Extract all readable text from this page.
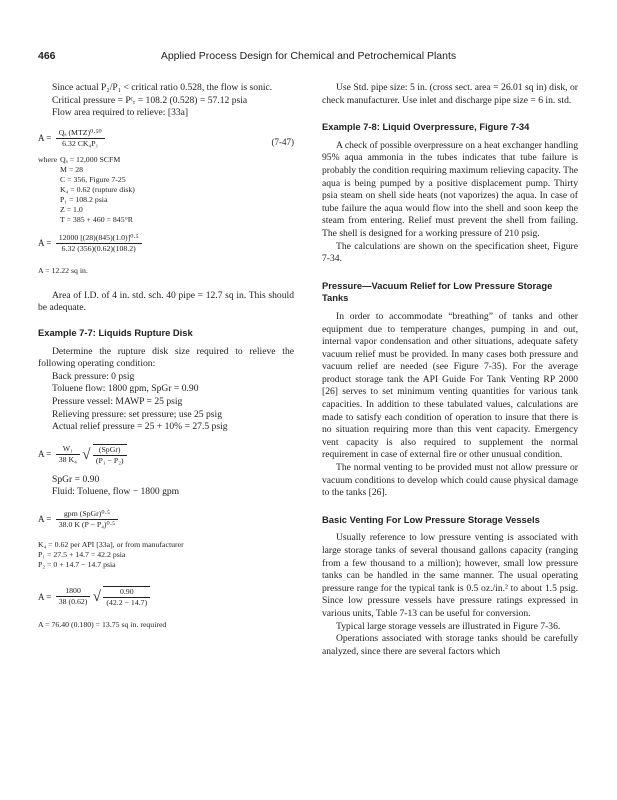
466	Applied Process Design for Chemical and Petrochemical Plants

Since actual P₂/P₁ < critical ratio 0.528, the flow is sonic.

Critical pressure = Pᶜᵣ = 108.2 (0.528) = 57.12 psia

Flow area required to relieve: [33a]

$A = \frac{\text{Qₐ (MTZ)⁰·⁵⁰}}{\text{6.32 CK₄P₁}}$	(7-47)
where Qₐ = 12,000 SCFM
M = 28
C = 356, Figure 7-25
K₄ = 0.62 (rupture disk)
P₁ = 108.2 psia
Z = 1.0
T = 385 + 460 = 845°R
$A = \frac{\text{12000 [(28)(845)(1.0)]⁰·⁵}}{6.32 (356)(0.62)(108.2)}$

A = 12.22 sq in.

Area of I.D. of 4 in. std. sch. 40 pipe = 12.7 sq in. This should be adequate.

Example 7-7: Liquids Rupture Disk

Determine the rupture disk size required to relieve the following operating condition:

Back pressure: 0 psig

Toluene flow: 1800 gpm, SpGr = 0.90

Pressure vessel: MAWP = 25 psig

Relieving pressure: set pressure; use 25 psig

Actual relief pressure = 25 + 10% = 27.5 psig

$A = \frac{\text{W₁}}{\text{38 K₄}}$ √ $\frac{\text{(SpGr)}}{\text{(P₁ − P₂)}}$

SpGr = 0.90

Fluid: Toluene, flow − 1800 gpm

$A = \frac{\text{gpm (SpGr)⁰·⁵}}{\text{38.0 K (P − P₄)⁰·⁵}}$
K₄ = 0.62 per API [33a], or from manufacturer
P₁ = 27.5 + 14.7 = 42.2 psia
P₂ = 0 + 14.7 − 14.7 psia
$A = \frac{1800}{38 (0.62)}$ √ $\frac{0.90}{(42.2 - 14.7)}$

A = 76.40 (0.180) = 13.75 sq in. required

Use Std. pipe size: 5 in. (cross sect. area = 26.01 sq in) disk, or check manufacturer. Use inlet and discharge pipe size = 6 in. std.

Example 7-8: Liquid Overpressure, Figure 7-34

A check of possible overpressure on a heat exchanger handling 95% aqua ammonia in the tubes indicates that tube failure is probably the condition requiring maximum relieving capacity. The aqua is being pumped by a positive displacement pump. Thirty psia steam on shell side heats (not vaporizes) the aqua. In case of tube failure the aqua would flow into the shell and soon keep the steam from entering. Relief must prevent the shell from failing. The shell is designed for a working pressure of 210 psig.

The calculations are shown on the specification sheet, Figure 7-34.

Pressure—Vacuum Relief for Low Pressure Storage Tanks

In order to accommodate “breathing” of tanks and other equipment due to temperature changes, pumping in and out, internal vapor condensation and other situations, adequate safety vacuum relief must be provided. In many cases both pressure and vacuum relief are needed (see Figure 7-35). For the average product storage tank the API Guide For Tank Venting RP 2000 [26] serves to set minimum venting quantities for various tank capacities. In addition to these tabulated values, calculations are made to satisfy each condition of operation to insure that there is no situation requiring more than this vent capacity. Emergency vent capacity is also required to supplement the normal requirement in case of external fire or other unusual condition.

The normal venting to be provided must not allow pressure or vacuum conditions to develop which could cause physical damage to the tanks [26].

Basic Venting For Low Pressure Storage Vessels

Usually reference to low pressure venting is associated with large storage tanks of several thousand gallons capacity (ranging from a few thousand to a million); however, small low pressure tanks can be handled in the same manner. The usual operating pressure range for the typical tank is 0.5 oz./in.² to about 1.5 psig. Since low pressure vessels have pressure ratings expressed in various units, Table 7-13 can be useful for conversion.

Typical large storage vessels are illustrated in Figure 7-36.

Operations associated with storage tanks should be carefully analyzed, since there are several factors which
